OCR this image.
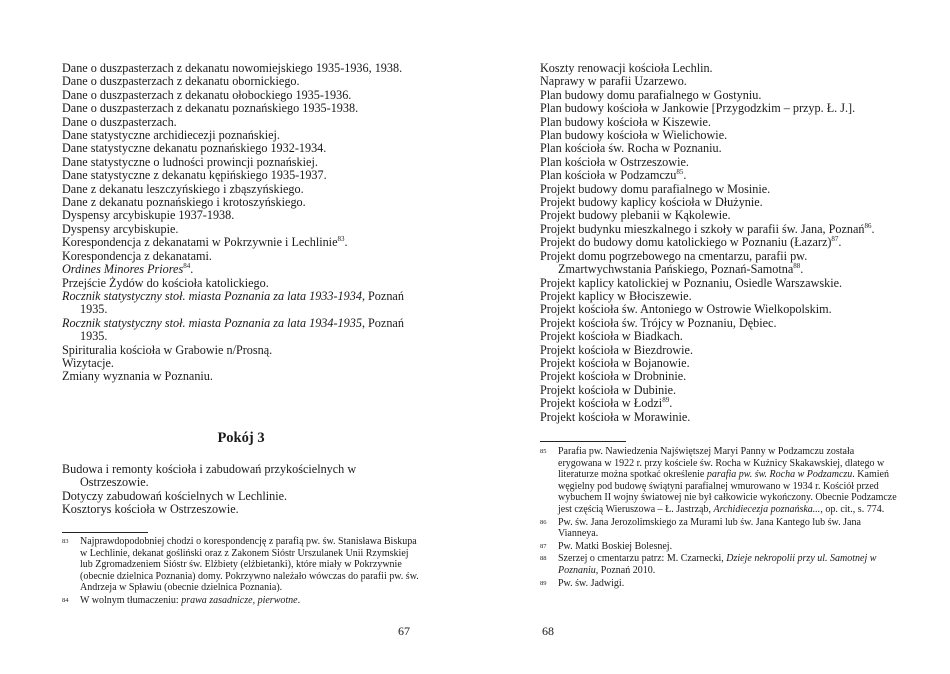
Dane o duszpasterzach z dekanatu nowomiejskiego 1935-1936, 1938.

Dane o duszpasterzach z dekanatu obornickiego.

Dane o duszpasterzach z dekanatu ołobockiego 1935-1936.

Dane o duszpasterzach z dekanatu poznańskiego 1935-1938.

Dane o duszpasterzach.

Dane statystyczne archidiecezji poznańskiej.

Dane statystyczne dekanatu poznańskiego 1932-1934.

Dane statystyczne o ludności prowincji poznańskiej.

Dane statystyczne z dekanatu kępińskiego 1935-1937.

Dane z dekanatu leszczyńskiego i zbąszyńskiego.

Dane z dekanatu poznańskiego i krotoszyńskiego.

Dyspensy arcybiskupie 1937-1938.

Dyspensy arcybiskupie.

Korespondencja z dekanatami w Pokrzywnie i Lechlinie$^{83}$.

Korespondencja z dekanatami.

Ordines Minores Priores$^{84}$.

Przejście Żydów do kościoła katolickiego.

Rocznik statystyczny stoł. miasta Poznania za lata 1933-1934, Poznań 1935.

Rocznik statystyczny stoł. miasta Poznania za lata 1934-1935, Poznań 1935.

Spirituralia kościoła w Grabowie n/Prosną.

Wizytacje.

Zmiany wyznania w Poznaniu.

Pokój 3

Budowa i remonty kościoła i zabudowań przykościelnych w Ostrzeszowie.

Dotyczy zabudowań kościelnych w Lechlinie.

Kosztorys kościoła w Ostrzeszowie.

83 Najprawdopodobniej chodzi o korespondencję z parafią pw. św. Stanisława Biskupa w Lechlinie, dekanat gośliński oraz z Zakonem Sióstr Urszulanek Unii Rzymskiej lub Zgromadzeniem Sióstr św. Elżbiety (elżbietanki), które miały w Pokrzywnie (obecnie dzielnica Poznania) domy. Pokrzywno należało wówczas do parafii pw. św. Andrzeja w Spławiu (obecnie dzielnica Poznania).

84 W wolnym tłumaczeniu: prawa zasadnicze, pierwotne.

67

Koszty renowacji kościoła Lechlin.

Naprawy w parafii Uzarzewo.

Plan budowy domu parafialnego w Gostyniu.

Plan budowy kościoła w Jankowie [Przygodzkim – przyp. Ł. J.].

Plan budowy kościoła w Kiszewie.

Plan budowy kościoła w Wielichowie.

Plan kościoła św. Rocha w Poznaniu.

Plan kościoła w Ostrzeszowie.

Plan kościoła w Podzamczu$^{85}$.

Projekt budowy domu parafialnego w Mosinie.

Projekt budowy kaplicy kościoła w Dłużynie.

Projekt budowy plebanii w Kąkolewie.

Projekt budynku mieszkalnego i szkoły w parafii św. Jana, Poznań$^{86}$.

Projekt do budowy domu katolickiego w Poznaniu (Łazarz)$^{87}$.

Projekt domu pogrzebowego na cmentarzu, parafii pw. Zmartwychwstania Pańskiego, Poznań-Samotna$^{88}$.

Projekt kaplicy katolickiej w Poznaniu, Osiedle Warszawskie.

Projekt kaplicy w Błociszewie.

Projekt kościoła św. Antoniego w Ostrowie Wielkopolskim.

Projekt kościoła św. Trójcy w Poznaniu, Dębiec.

Projekt kościoła w Biadkach.

Projekt kościoła w Biezdrowie.

Projekt kościoła w Bojanowie.

Projekt kościoła w Drobninie.

Projekt kościoła w Dubinie.

Projekt kościoła w Łodzi$^{89}$.

Projekt kościoła w Morawinie.

85 Parafia pw. Nawiedzenia Najświętszej Maryi Panny w Podzamczu została erygowana w 1922 r. przy kościele św. Rocha w Kuźnicy Skakawskiej, dlatego w literaturze można spotkać określenie parafia pw. św. Rocha w Podzamczu. Kamień węgielny pod budowę świątyni parafialnej wmurowano w 1934 r. Kościół przed wybuchem II wojny światowej nie był całkowicie wykończony. Obecnie Podzamcze jest częścią Wieruszowa – Ł. Jastrząb, Archidiecezja poznańska..., op. cit., s. 774.

86 Pw. św. Jana Jerozolimskiego za Murami lub św. Jana Kantego lub św. Jana Vianneya.

87 Pw. Matki Boskiej Bolesnej.

88 Szerzej o cmentarzu patrz: M. Czarnecki, Dzieje nekropolii przy ul. Samotnej w Poznaniu, Poznań 2010.

89 Pw. św. Jadwigi.

68
